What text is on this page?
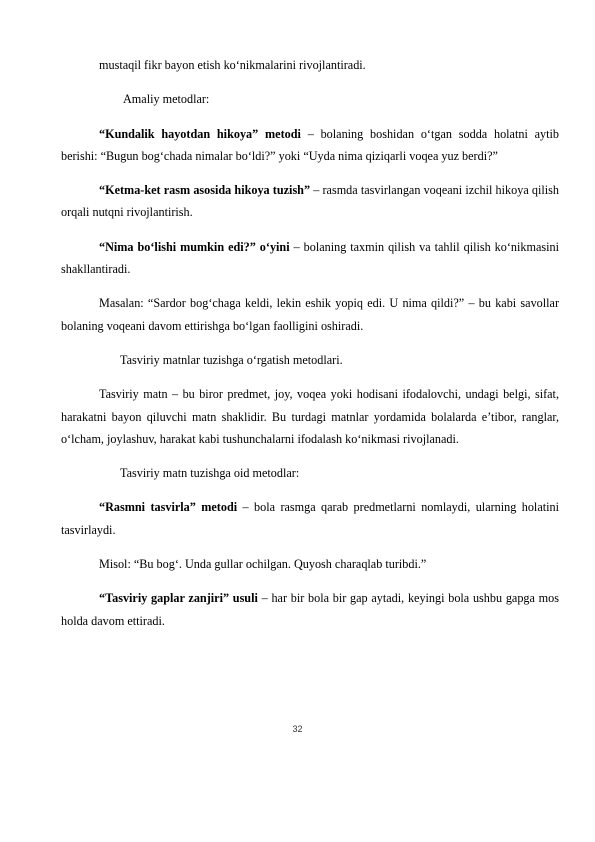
mustaqil fikr bayon etish ko‘nikmalarini rivojlantiradi.

Amaliy metodlar:

“Kundalik hayotdan hikoya” metodi – bolaning boshidan o‘tgan sodda holatni aytib berishi: “Bugun bog‘chada nimalar bo‘ldi?” yoki “Uyda nima qiziqarli voqea yuz berdi?”

“Ketma-ket rasm asosida hikoya tuzish” – rasmda tasvirlangan voqeani izchil hikoya qilish orqali nutqni rivojlantirish.

“Nima bo‘lishi mumkin edi?” o‘yini – bolaning taxmin qilish va tahlil qilish ko‘nikmasini shakllantiradi.

Masalan: “Sardor bog‘chaga keldi, lekin eshik yopiq edi. U nima qildi?” – bu kabi savollar bolaning voqeani davom ettirishga bo‘lgan faolligini oshiradi.

Tasviriy matnlar tuzishga o‘rgatish metodlari.

Tasviriy matn – bu biror predmet, joy, voqea yoki hodisani ifodalovchi, undagi belgi, sifat, harakatni bayon qiluvchi matn shaklidir. Bu turdagi matnlar yordamida bolalarda e’tibor, ranglar, o‘lcham, joylashuv, harakat kabi tushunchalarni ifodalash ko‘nikmasi rivojlanadi.

Tasviriy matn tuzishga oid metodlar:

“Rasmni tasvirla” metodi – bola rasmga qarab predmetlarni nomlaydi, ularning holatini tasvirlaydi.

Misol: “Bu bog‘. Unda gullar ochilgan. Quyosh charaqlab turibdi.”

“Tasviriy gaplar zanjiri” usuli – har bir bola bir gap aytadi, keyingi bola ushbu gapga mos holda davom ettiradi.

32
